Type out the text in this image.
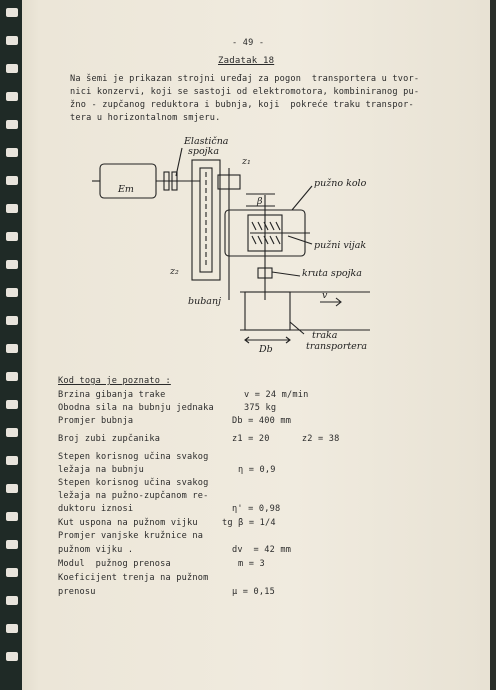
- 49 -
Zadatak 18
Na šemi je prikazan strojni uređaj za pogon  transportera u tvor-
nici konzervi, koji se sastoji od elektromotora, kombiniranog pu-
žno - zupčanog reduktora i bubnja, koji  pokreće traku transpor-
tera u horizontalnom smjeru.
Elastična
spojka
z₁
pužno kolo
β
Em
pužni vijak
kruta spojka
z₂
bubanj
v
Db
traka
transportera
Kod toga je poznato :
Brzina gibanja trake	v = 24 m/min
Obodna sila na bubnju jednaka	375 kg
Promjer bubnja	Db = 400 mm
Broj zubi zupčanika	z1 = 20      z2 = 38
Stepen korisnog učina svakog
ležaja na bubnju	η = 0,9
Stepen korisnog učina svakog
ležaja na pužno-zupčanom re-
duktoru iznosi	η' = 0,98
Kut uspona na pužnom vijku	tg β = 1/4
Promjer vanjske kružnice na
pužnom vijku .	dv  = 42 mm
Modul  pužnog prenosa	m = 3
Koeficijent trenja na pužnom
prenosu	μ = 0,15
